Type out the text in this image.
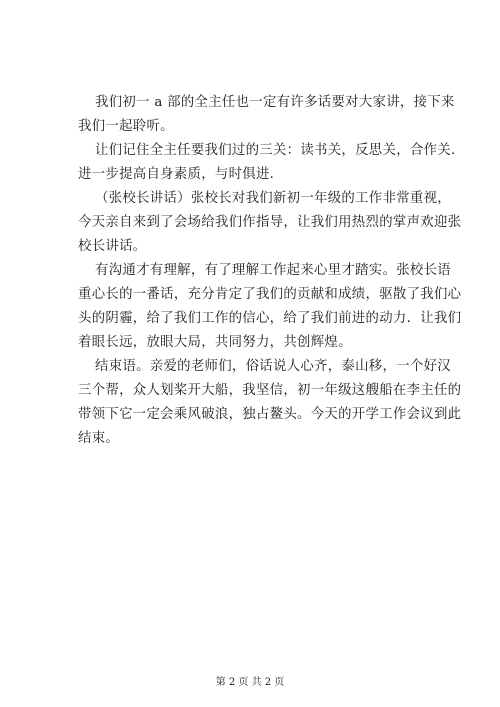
我们初一 a 部的全主任也一定有许多话要对大家讲，接下来
我们一起聆听。
让们记住全主任要我们过的三关：读书关，反思关，合作关．
进一步提高自身素质，与时俱进．
（张校长讲话）张校长对我们新初一年级的工作非常重视，
今天亲自来到了会场给我们作指导，让我们用热烈的掌声欢迎张
校长讲话。
有沟通才有理解，有了理解工作起来心里才踏实。张校长语
重心长的一番话，充分肯定了我们的贡献和成绩，驱散了我们心
头的阴霾，给了我们工作的信心，给了我们前进的动力．让我们
着眼长远，放眼大局，共同努力，共创辉煌。
结束语。亲爱的老师们，俗话说人心齐，泰山移，一个好汉
三个帮，众人划桨开大船，我坚信，初一年级这艘船在李主任的
带领下它一定会乘风破浪，独占鳌头。今天的开学工作会议到此
结束。
第 2 页 共 2 页
